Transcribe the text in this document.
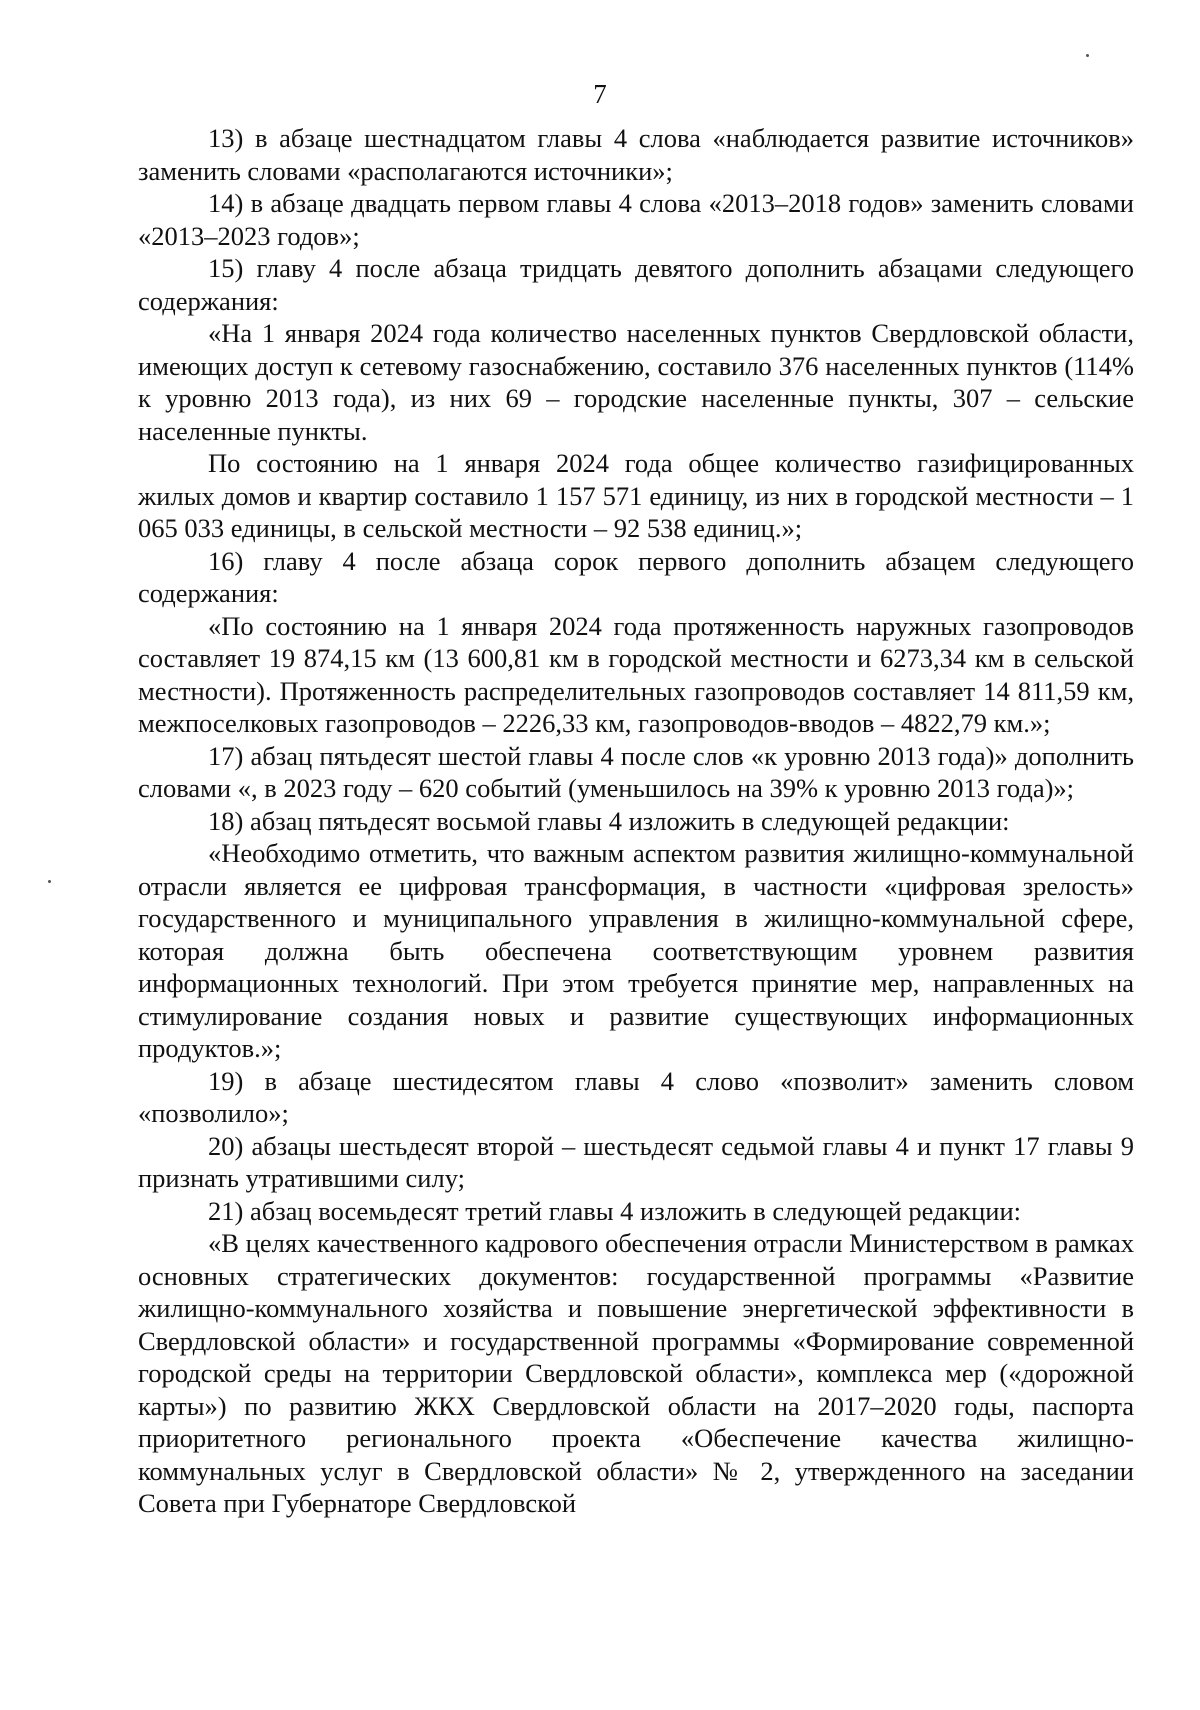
7

13) в абзаце шестнадцатом главы 4 слова «наблюдается развитие источников» заменить словами «располагаются источники»;

14) в абзаце двадцать первом главы 4 слова «2013–2018 годов» заменить словами «2013–2023 годов»;

15) главу 4 после абзаца тридцать девятого дополнить абзацами следующего содержания:

«На 1 января 2024 года количество населенных пунктов Свердловской области, имеющих доступ к сетевому газоснабжению, составило 376 населенных пунктов (114% к уровню 2013 года), из них 69 – городские населенные пункты, 307 – сельские населенные пункты.

По состоянию на 1 января 2024 года общее количество газифицированных жилых домов и квартир составило 1 157 571 единицу, из них в городской местности – 1 065 033 единицы, в сельской местности – 92 538 единиц.»;

16) главу 4 после абзаца сорок первого дополнить абзацем следующего содержания:

«По состоянию на 1 января 2024 года протяженность наружных газопроводов составляет 19 874,15 км (13 600,81 км в городской местности и 6273,34 км в сельской местности). Протяженность распределительных газопроводов составляет 14 811,59 км, межпоселковых газопроводов – 2226,33 км, газопроводов-вводов – 4822,79 км.»;

17) абзац пятьдесят шестой главы 4 после слов «к уровню 2013 года)» дополнить словами «, в 2023 году – 620 событий (уменьшилось на 39% к уровню 2013 года)»;

18) абзац пятьдесят восьмой главы 4 изложить в следующей редакции:

«Необходимо отметить, что важным аспектом развития жилищно-коммунальной отрасли является ее цифровая трансформация, в частности «цифровая зрелость» государственного и муниципального управления в жилищно-коммунальной сфере, которая должна быть обеспечена соответствующим уровнем развития информационных технологий. При этом требуется принятие мер, направленных на стимулирование создания новых и развитие существующих информационных продуктов.»;

19) в абзаце шестидесятом главы 4 слово «позволит» заменить словом «позволило»;

20) абзацы шестьдесят второй – шестьдесят седьмой главы 4 и пункт 17 главы 9 признать утратившими силу;

21) абзац восемьдесят третий главы 4 изложить в следующей редакции:

«В целях качественного кадрового обеспечения отрасли Министерством в рамках основных стратегических документов: государственной программы «Развитие жилищно-коммунального хозяйства и повышение энергетической эффективности в Свердловской области» и государственной программы «Формирование современной городской среды на территории Свердловской области», комплекса мер («дорожной карты») по развитию ЖКХ Свердловской области на 2017–2020 годы, паспорта приоритетного регионального проекта «Обеспечение качества жилищно-коммунальных услуг в Свердловской области» № 2, утвержденного на заседании Совета при Губернаторе Свердловской
